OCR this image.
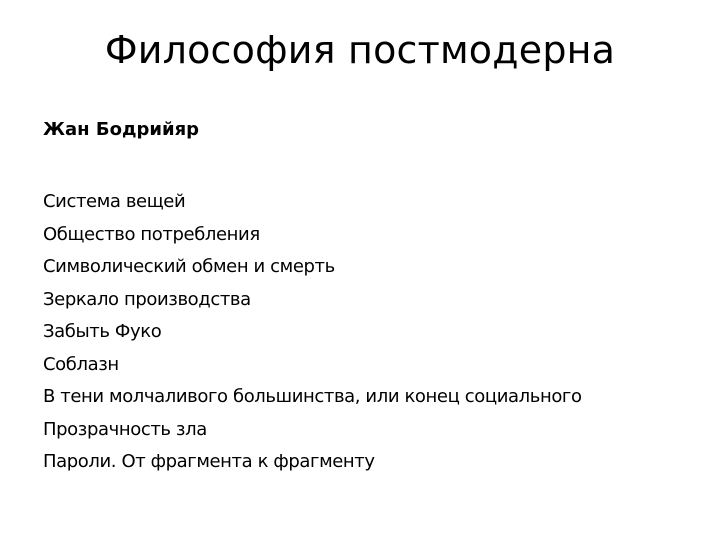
Философия постмодерна

Жан Бодрийяр

Система вещей
Общество потребления
Символический обмен и смерть
Зеркало производства
Забыть Фуко
Соблазн
В тени молчаливого большинства, или конец социального
Прозрачность зла
Пароли. От фрагмента к фрагменту
